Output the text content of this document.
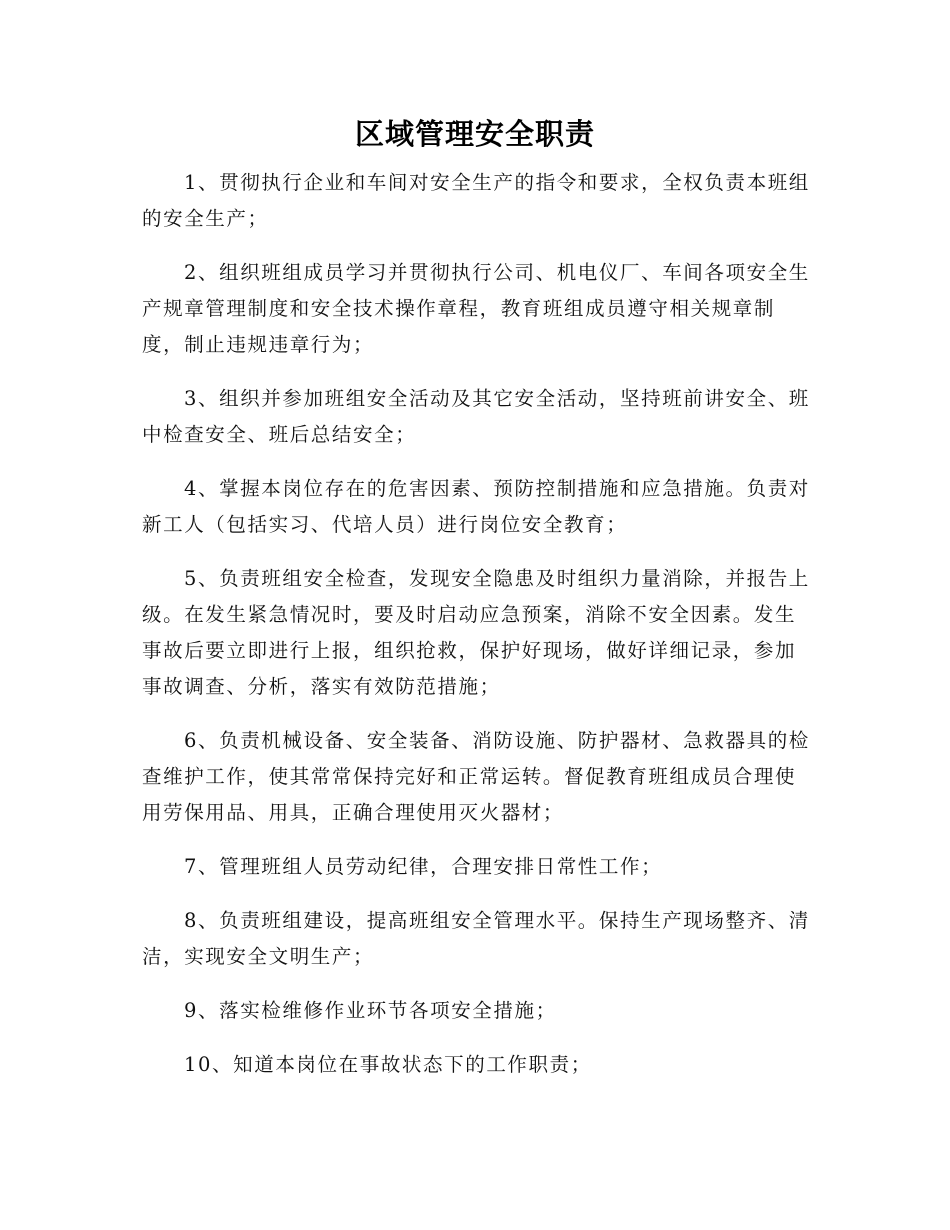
区域管理安全职责

1、贯彻执行企业和车间对安全生产的指令和要求，全权负责本班组的安全生产；

2、组织班组成员学习并贯彻执行公司、机电仪厂、车间各项安全生产规章管理制度和安全技术操作章程，教育班组成员遵守相关规章制度，制止违规违章行为；

3、组织并参加班组安全活动及其它安全活动，坚持班前讲安全、班中检查安全、班后总结安全；

4、掌握本岗位存在的危害因素、预防控制措施和应急措施。负责对新工人（包括实习、代培人员）进行岗位安全教育；

5、负责班组安全检查，发现安全隐患及时组织力量消除，并报告上级。在发生紧急情况时，要及时启动应急预案，消除不安全因素。发生事故后要立即进行上报，组织抢救，保护好现场，做好详细记录，参加事故调查、分析，落实有效防范措施；

6、负责机械设备、安全装备、消防设施、防护器材、急救器具的检查维护工作，使其常常保持完好和正常运转。督促教育班组成员合理使用劳保用品、用具，正确合理使用灭火器材；

7、管理班组人员劳动纪律，合理安排日常性工作；

8、负责班组建设，提高班组安全管理水平。保持生产现场整齐、清洁，实现安全文明生产；

9、落实检维修作业环节各项安全措施；

10、知道本岗位在事故状态下的工作职责；
